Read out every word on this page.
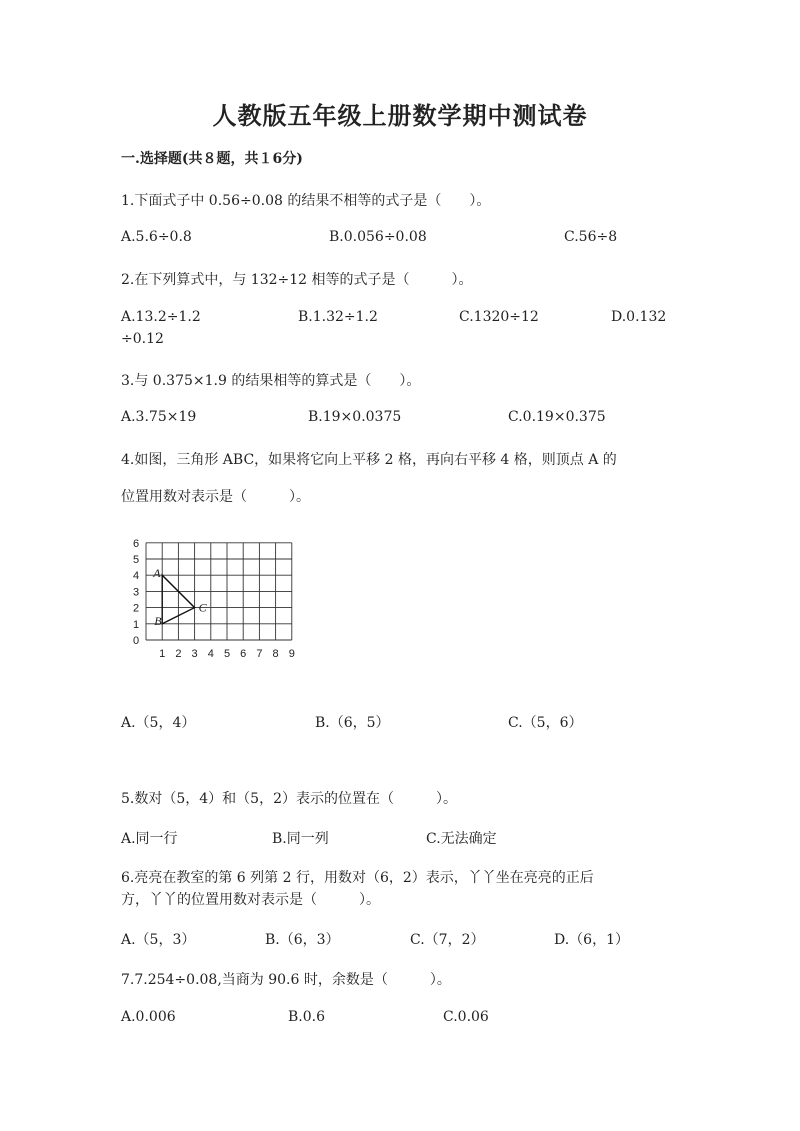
人教版五年级上册数学期中测试卷
一.选择题(共８题，共１6分)
1.下面式子中 0.56÷0.08 的结果不相等的式子是（　　）。
A.5.6÷0.8	B.0.056÷0.08	C.56÷8
2.在下列算式中，与 132÷12 相等的式子是（　　　）。
A.13.2÷1.2	B.1.32÷1.2	C.1320÷12	D.0.132
÷0.12
3.与 0.375×1.9 的结果相等的算式是（　　）。
A.3.75×19	B.19×0.0375	C.0.19×0.375
4.如图，三角形 ABC，如果将它向上平移 2 格，再向右平移 4 格，则顶点 A 的
位置用数对表示是（　　　）。
1 2 3 4 5 6 7 8 9
0
1
2
3
4
5
6
A
B
C
A.（5，4）	B.（6，5）	C.（5，6）
5.数对（5，4）和（5，2）表示的位置在（　　　）。
A.同一行	B.同一列	C.无法确定
6.亮亮在教室的第 6 列第 2 行，用数对（6，2）表示，丫丫坐在亮亮的正后
方，丫丫的位置用数对表示是（　　　）。
A.（5，3）	B.（6，3）	C.（7，2）	D.（6，1）
7.7.254÷0.08,当商为 90.6 时，余数是（　　　）。
A.0.006	B.0.6	C.0.06
